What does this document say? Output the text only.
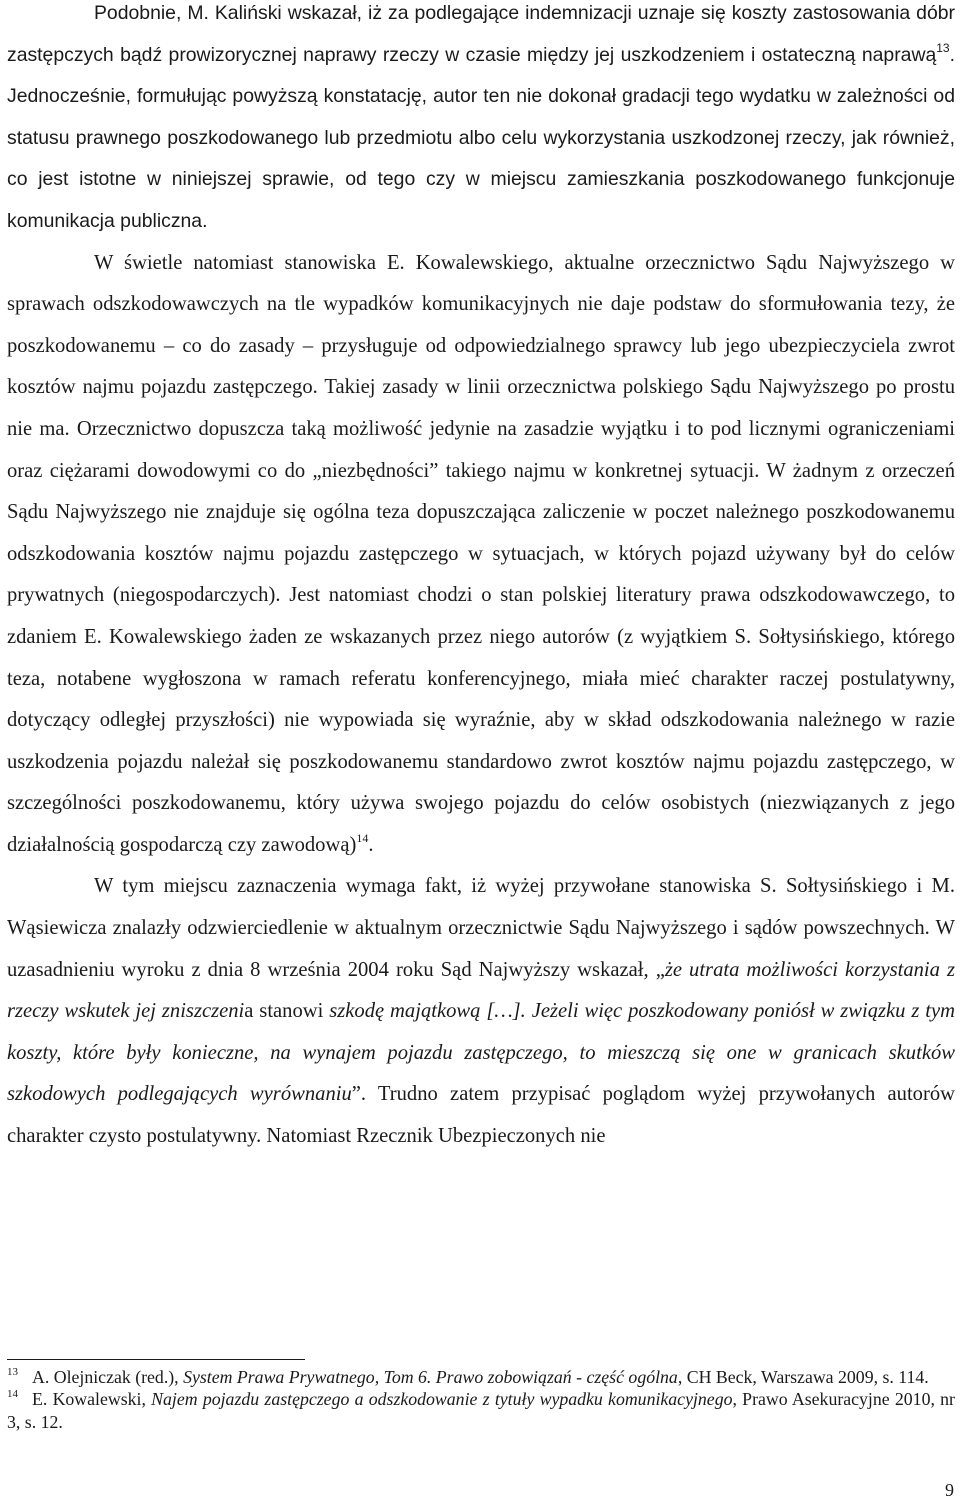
Podobnie, M. Kaliński wskazał, iż za podlegające indemnizacji uznaje się koszty zastosowania dóbr zastępczych bądź prowizorycznej naprawy rzeczy w czasie między jej uszkodzeniem i ostateczną naprawą$^{13}$. Jednocześnie, formułując powyższą konstatację, autor ten nie dokonał gradacji tego wydatku w zależności od statusu prawnego poszkodowanego lub przedmiotu albo celu wykorzystania uszkodzonej rzeczy, jak również, co jest istotne w niniejszej sprawie, od tego czy w miejscu zamieszkania poszkodowanego funkcjonuje komunikacja publiczna.

W świetle natomiast stanowiska E. Kowalewskiego, aktualne orzecznictwo Sądu Najwyższego w sprawach odszkodowawczych na tle wypadków komunikacyjnych nie daje podstaw do sformułowania tezy, że poszkodowanemu – co do zasady – przysługuje od odpowiedzialnego sprawcy lub jego ubezpieczyciela zwrot kosztów najmu pojazdu zastępczego. Takiej zasady w linii orzecznictwa polskiego Sądu Najwyższego po prostu nie ma. Orzecznictwo dopuszcza taką możliwość jedynie na zasadzie wyjątku i to pod licznymi ograniczeniami oraz ciężarami dowodowymi co do „niezbędności” takiego najmu w konkretnej sytuacji. W żadnym z orzeczeń Sądu Najwyższego nie znajduje się ogólna teza dopuszczająca zaliczenie w poczet należnego poszkodowanemu odszkodowania kosztów najmu pojazdu zastępczego w sytuacjach, w których pojazd używany był do celów prywatnych (niegospodarczych). Jest natomiast chodzi o stan polskiej literatury prawa odszkodowawczego, to zdaniem E. Kowalewskiego żaden ze wskazanych przez niego autorów (z wyjątkiem S. Sołtysińskiego, którego teza, notabene wygłoszona w ramach referatu konferencyjnego, miała mieć charakter raczej postulatywny, dotyczący odległej przyszłości) nie wypowiada się wyraźnie, aby w skład odszkodowania należnego w razie uszkodzenia pojazdu należał się poszkodowanemu standardowo zwrot kosztów najmu pojazdu zastępczego, w szczególności poszkodowanemu, który używa swojego pojazdu do celów osobistych (niezwiązanych z jego działalnością gospodarczą czy zawodową)$^{14}$.

W tym miejscu zaznaczenia wymaga fakt, iż wyżej przywołane stanowiska S. Sołtysińskiego i M. Wąsiewicza znalazły odzwierciedlenie w aktualnym orzecznictwie Sądu Najwyższego i sądów powszechnych. W uzasadnieniu wyroku z dnia 8 września 2004 roku Sąd Najwyższy wskazał, „że utrata możliwości korzystania z rzeczy wskutek jej zniszczenia stanowi szkodę majątkową […]. Jeżeli więc poszkodowany poniósł w związku z tym koszty, które były konieczne, na wynajem pojazdu zastępczego, to mieszczą się one w granicach skutków szkodowych podlegających wyrównaniu”. Trudno zatem przypisać poglądom wyżej przywołanych autorów charakter czysto postulatywny. Natomiast Rzecznik Ubezpieczonych nie

$^{13}$ A. Olejniczak (red.), System Prawa Prywatnego, Tom 6. Prawo zobowiązań - część ogólna, CH Beck, Warszawa 2009, s. 114.

$^{14}$ E. Kowalewski, Najem pojazdu zastępczego a odszkodowanie z tytuły wypadku komunikacyjnego, Prawo Asekuracyjne 2010, nr 3, s. 12.

9
